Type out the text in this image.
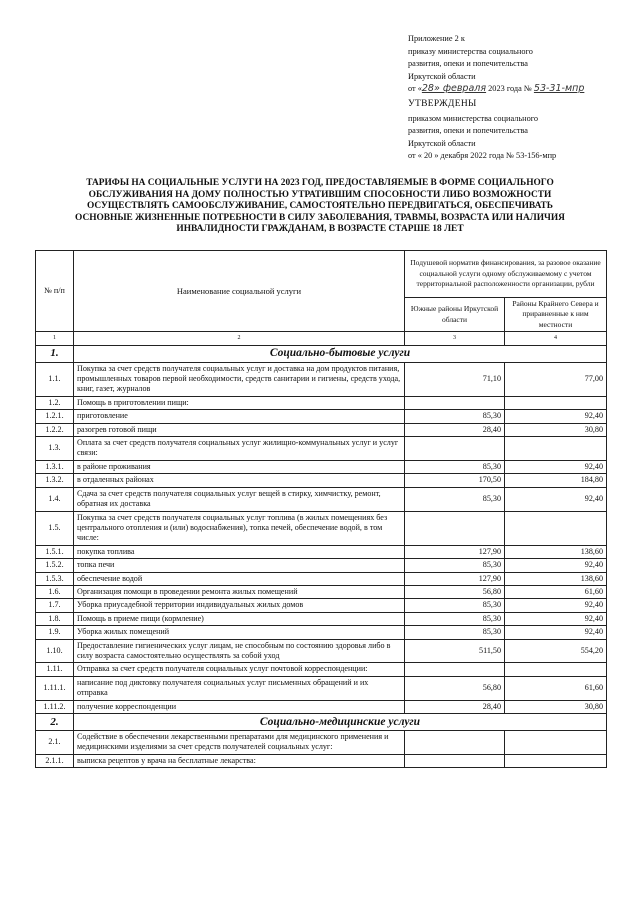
Приложение 2 к
приказу министерства социального
развития, опеки и попечительства
Иркутской области
от «28» февраля 2023 года № 53-31-мпр
УТВЕРЖДЕНЫ
приказом министерства социального
развития, опеки и попечительства
Иркутской области
от « 20 » декабря 2022 года № 53-156-мпр
ТАРИФЫ НА СОЦИАЛЬНЫЕ УСЛУГИ НА 2023 ГОД, ПРЕДОСТАВЛЯЕМЫЕ В ФОРМЕ СОЦИАЛЬНОГО ОБСЛУЖИВАНИЯ НА ДОМУ ПОЛНОСТЬЮ УТРАТИВШИМ СПОСОБНОСТИ ЛИБО ВОЗМОЖНОСТИ ОСУЩЕСТВЛЯТЬ САМООБСЛУЖИВАНИЕ, САМОСТОЯТЕЛЬНО ПЕРЕДВИГАТЬСЯ, ОБЕСПЕЧИВАТЬ ОСНОВНЫЕ ЖИЗНЕННЫЕ ПОТРЕБНОСТИ В СИЛУ ЗАБОЛЕВАНИЯ, ТРАВМЫ, ВОЗРАСТА ИЛИ НАЛИЧИЯ ИНВАЛИДНОСТИ ГРАЖДАНАМ, В ВОЗРАСТЕ СТАРШЕ 18 ЛЕТ
№ п/п	Наименование социальной услуги	Подушевой норматив финансирования, за разовое оказание социальной услуги одному обслуживаемому с учетом территориальной расположенности организации, рубли	
		Южные районы Иркутской области	Районы Крайнего Севера и приравненные к ним местности
1	2	3	4
1.	Социально-бытовые услуги		
1.1.	Покупка за счет средств получателя социальных услуг и доставка на дом продуктов питания, промышленных товаров первой необходимости, средств санитарии и гигиены, средств ухода, книг, газет, журналов	71,10	77,00
1.2.	Помощь в приготовлении пищи:		
1.2.1.	приготовление	85,30	92,40
1.2.2.	разогрев готовой пищи	28,40	30,80
1.3.	Оплата за счет средств получателя социальных услуг жилищно-коммунальных услуг и услуг связи:		
1.3.1.	в районе проживания	85,30	92,40
1.3.2.	в отдаленных районах	170,50	184,80
1.4.	Сдача за счет средств получателя социальных услуг вещей в стирку, химчистку, ремонт, обратная их доставка	85,30	92,40
1.5.	Покупка за счет средств получателя социальных услуг топлива (в жилых помещениях без центрального отопления и (или) водоснабжения), топка печей, обеспечение водой, в том числе:		
1.5.1.	покупка топлива	127,90	138,60
1.5.2.	топка печи	85,30	92,40
1.5.3.	обеспечение водой	127,90	138,60
1.6.	Организация помощи в проведении ремонта жилых помещений	56,80	61,60
1.7.	Уборка приусадебной территории индивидуальных жилых домов	85,30	92,40
1.8.	Помощь в приеме пищи (кормление)	85,30	92,40
1.9.	Уборка жилых помещений	85,30	92,40
1.10.	Предоставление гигиенических услуг лицам, не способным по состоянию здоровья либо в силу возраста самостоятельно осуществлять за собой уход	511,50	554,20
1.11.	Отправка за счет средств получателя социальных услуг почтовой корреспонденции:		
1.11.1.	написание под диктовку получателя социальных услуг письменных обращений и их отправка	56,80	61,60
1.11.2.	получение корреспонденции	28,40	30,80
2.	Социально-медицинские услуги		
2.1.	Содействие в обеспечении лекарственными препаратами для медицинского применения и медицинскими изделиями за счет средств получателей социальных услуг:		
2.1.1.	выписка рецептов у врача на бесплатные лекарства:		
